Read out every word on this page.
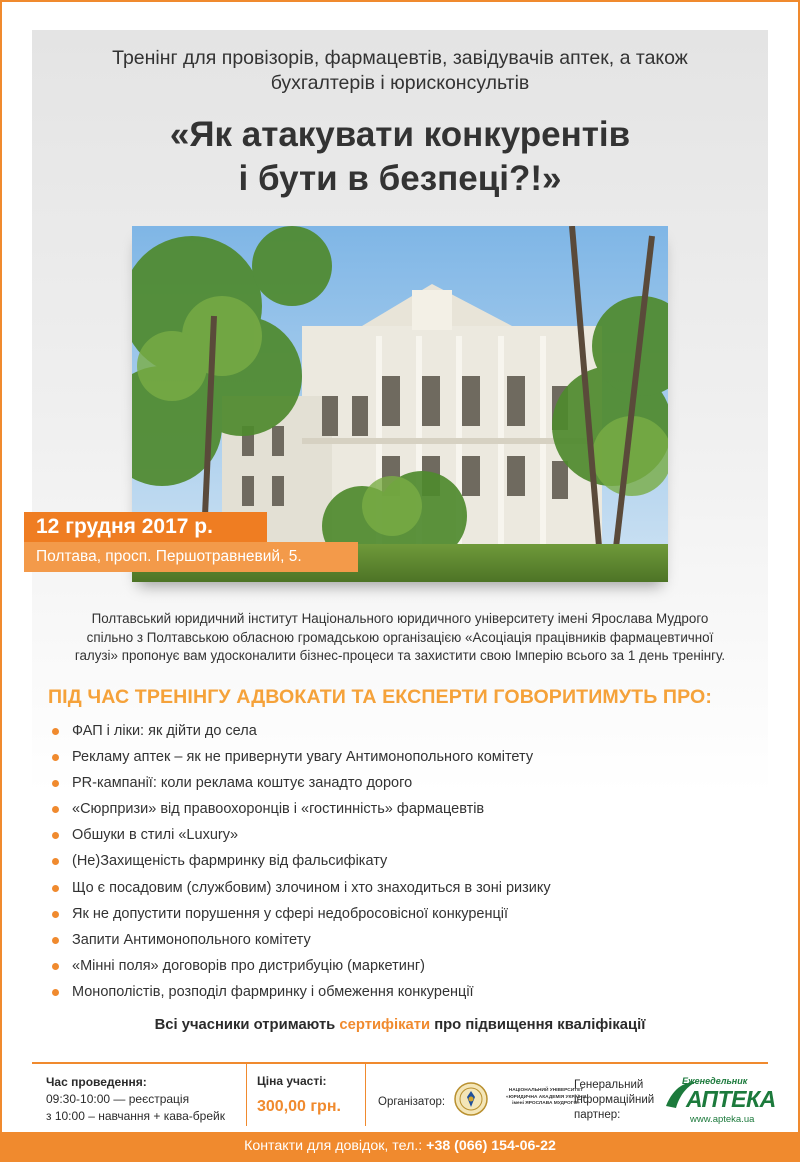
Тренінг для провізорів, фармацевтів, завідувачів аптек, а також
бухгалтерів і юрисконсультів
«Як атакувати конкурентів
і бути в безпеці?!»
12 грудня 2017 р.
Полтава, просп. Першотравневий, 5.
Полтавський юридичний інститут Національного юридичного університету імені Ярослава Мудрого
спільно з Полтавською обласною громадською організацією «Асоціація працівників фармацевтичної
галузі» пропонує вам удосконалити бізнес-процеси та захистити свою Імперію всього за 1 день тренінгу.
ПІД ЧАС ТРЕНІНГУ АДВОКАТИ ТА ЕКСПЕРТИ ГОВОРИТИМУТЬ ПРО:
ФАП і ліки: як дійти до села
Рекламу аптек – як не привернути увагу Антимонопольного комітету
PR-кампанії: коли реклама коштує занадто дорого
«Сюрпризи» від правоохоронців і «гостинність» фармацевтів
Обшуки в стилі «Luxury»
(Не)Захищеність фармринку від фальсифікату
Що є посадовим (службовим) злочином і хто знаходиться в зоні ризику
Як не допустити порушення у сфері недобросовісної конкуренції
Запити Антимонопольного комітету
«Мінні поля» договорів про дистрибуцію (маркетинг)
Монополістів, розподіл фармринку і обмеження конкуренції
Всі учасники отримають сертифікати про підвищення кваліфікації
Час проведення:
09:30-10:00 — реєстрація
з 10:00 – навчання + кава-брейк
Ціна участі:
300,00 грн.	Організатор:
НАЦІОНАЛЬНИЙ УНІВЕРСИТЕТ
«ЮРИДИЧНА АКАДЕМІЯ УКРАЇНИ
імені ЯРОСЛАВА МУДРОГО»
Генеральний
інформаційний
партнер:
Еженедельник
АПТЕКА
www.apteka.ua
Контакти для довідок, тел.: +38 (066) 154-06-22
